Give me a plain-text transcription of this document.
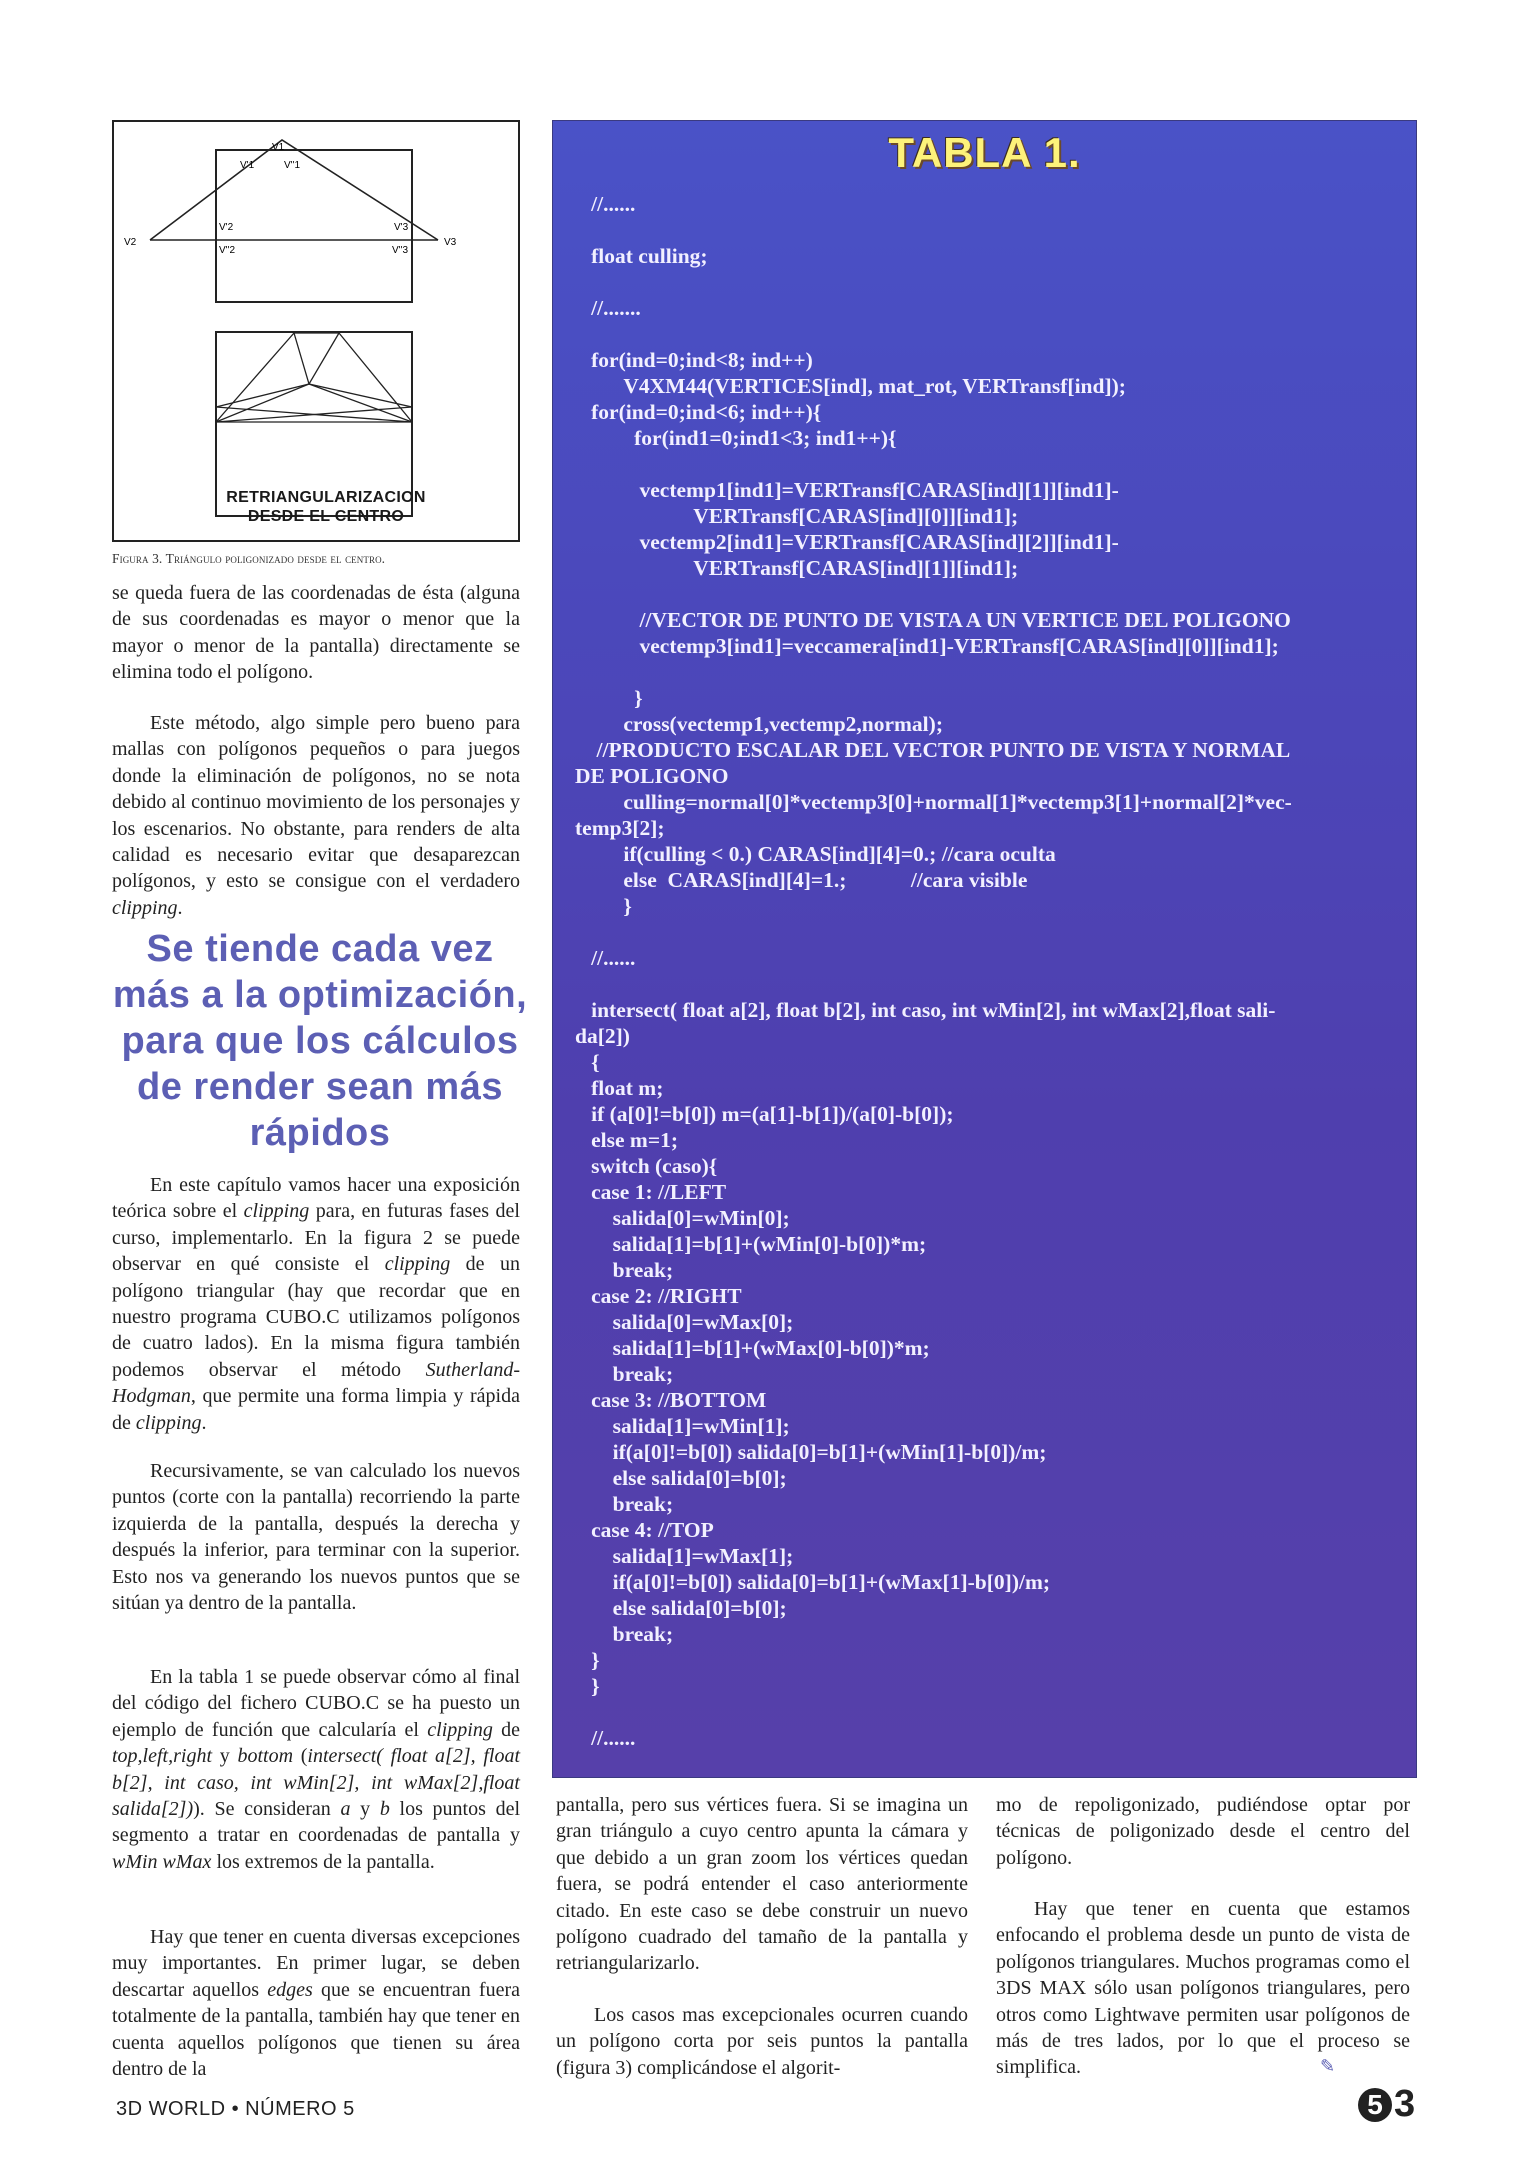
V1
V'1	V''1
V2
V'2
V''2
V3
V'3
V''3
RETRIANGULARIZACION
DESDE EL CENTRO
Figura 3. Triángulo poligonizado desde el centro.
se queda fuera de las coordenadas de ésta (alguna de sus coordenadas es mayor o menor que la mayor o menor de la pantalla) directamente se elimina todo el polígono.
Este método, algo simple pero bueno para mallas con polígonos pequeños o para juegos donde la eliminación de polígonos, no se nota debido al continuo movimiento de los personajes y los escenarios. No obstante, para renders de alta calidad es necesario evitar que desaparezcan polígonos, y esto se consigue con el verdadero clipping.
Se tiende cada vez más a la optimización, para que los cálculos de render sean más rápidos
En este capítulo vamos hacer una exposición teórica sobre el clipping para, en futuras fases del curso, implementarlo. En la figura 2 se puede observar en qué consiste el clipping de un polígono triangular (hay que recordar que en nuestro programa CUBO.C utilizamos polígonos de cuatro lados). En la misma figura también podemos observar el método Sutherland-Hodgman, que permite una forma limpia y rápida de clipping.
Recursivamente, se van calculado los nuevos puntos (corte con la pantalla) recorriendo la parte izquierda de la pantalla, después la derecha y después la inferior, para terminar con la superior. Esto nos va generando los nuevos puntos que se sitúan ya dentro de la pantalla.
En la tabla 1 se puede observar cómo al final del código del fichero CUBO.C se ha puesto un ejemplo de función que calcularía el clipping de top,left,right y bottom (intersect( float a[2], float b[2], int caso, int wMin[2], int wMax[2],float salida[2])). Se consideran a y b los puntos del segmento a tratar en coordenadas de pantalla y wMin wMax los extremos de la pantalla.
Hay que tener en cuenta diversas excepciones muy importantes. En primer lugar, se deben descartar aquellos edges que se encuentran fuera totalmente de la pantalla, también hay que tener en cuenta aquellos polígonos que tienen su área dentro de la
TABLA 1.
//......

float culling;

//.......

for(ind=0;ind<8; ind++)
V4XM44(VERTICES[ind], mat_rot, VERTransf[ind]);
for(ind=0;ind<6; ind++){
for(ind1=0;ind1<3; ind1++){

vectemp1[ind1]=VERTransf[CARAS[ind][1]][ind1]-
VERTransf[CARAS[ind][0]][ind1];
vectemp2[ind1]=VERTransf[CARAS[ind][2]][ind1]-
VERTransf[CARAS[ind][1]][ind1];

//VECTOR DE PUNTO DE VISTA A UN VERTICE DEL POLIGONO
vectemp3[ind1]=veccamera[ind1]-VERTransf[CARAS[ind][0]][ind1];

}
cross(vectemp1,vectemp2,normal);
//PRODUCTO ESCALAR DEL VECTOR PUNTO DE VISTA Y NORMAL
DE POLIGONO
culling=normal[0]*vectemp3[0]+normal[1]*vectemp3[1]+normal[2]*vec-
temp3[2];
if(culling < 0.) CARAS[ind][4]=0.; //cara oculta
else  CARAS[ind][4]=1.;            //cara visible
}

//......

intersect( float a[2], float b[2], int caso, int wMin[2], int wMax[2],float sali-
da[2])
{
float m;
if (a[0]!=b[0]) m=(a[1]-b[1])/(a[0]-b[0]);
else m=1;
switch (caso){
case 1: //LEFT
salida[0]=wMin[0];
salida[1]=b[1]+(wMin[0]-b[0])*m;
break;
case 2: //RIGHT
salida[0]=wMax[0];
salida[1]=b[1]+(wMax[0]-b[0])*m;
break;
case 3: //BOTTOM
salida[1]=wMin[1];
if(a[0]!=b[0]) salida[0]=b[1]+(wMin[1]-b[0])/m;
else salida[0]=b[0];
break;
case 4: //TOP
salida[1]=wMax[1];
if(a[0]!=b[0]) salida[0]=b[1]+(wMax[1]-b[0])/m;
else salida[0]=b[0];
break;
}
}

//......
pantalla, pero sus vértices fuera. Si se imagina un gran triángulo a cuyo centro apunta la cámara y que debido a un gran zoom los vértices quedan fuera, se podrá entender el caso anteriormente citado. En este caso se debe construir un nuevo polígono cuadrado del tamaño de la pantalla y retriangularizarlo.
Los casos mas excepcionales ocurren cuando un polígono corta por seis puntos la pantalla (figura 3) complicándose el algorit-
mo de repoligonizado, pudiéndose optar por técnicas de poligonizado desde el centro del polígono.
Hay que tener en cuenta que estamos enfocando el problema desde un punto de vista de polígonos triangulares. Muchos programas como el 3DS MAX sólo usan polígonos triangulares, pero otros como Lightwave permiten usar polígonos de más de tres lados, por lo que el proceso se simplifica.	✎
3D WORLD • NÚMERO 5	5 3
